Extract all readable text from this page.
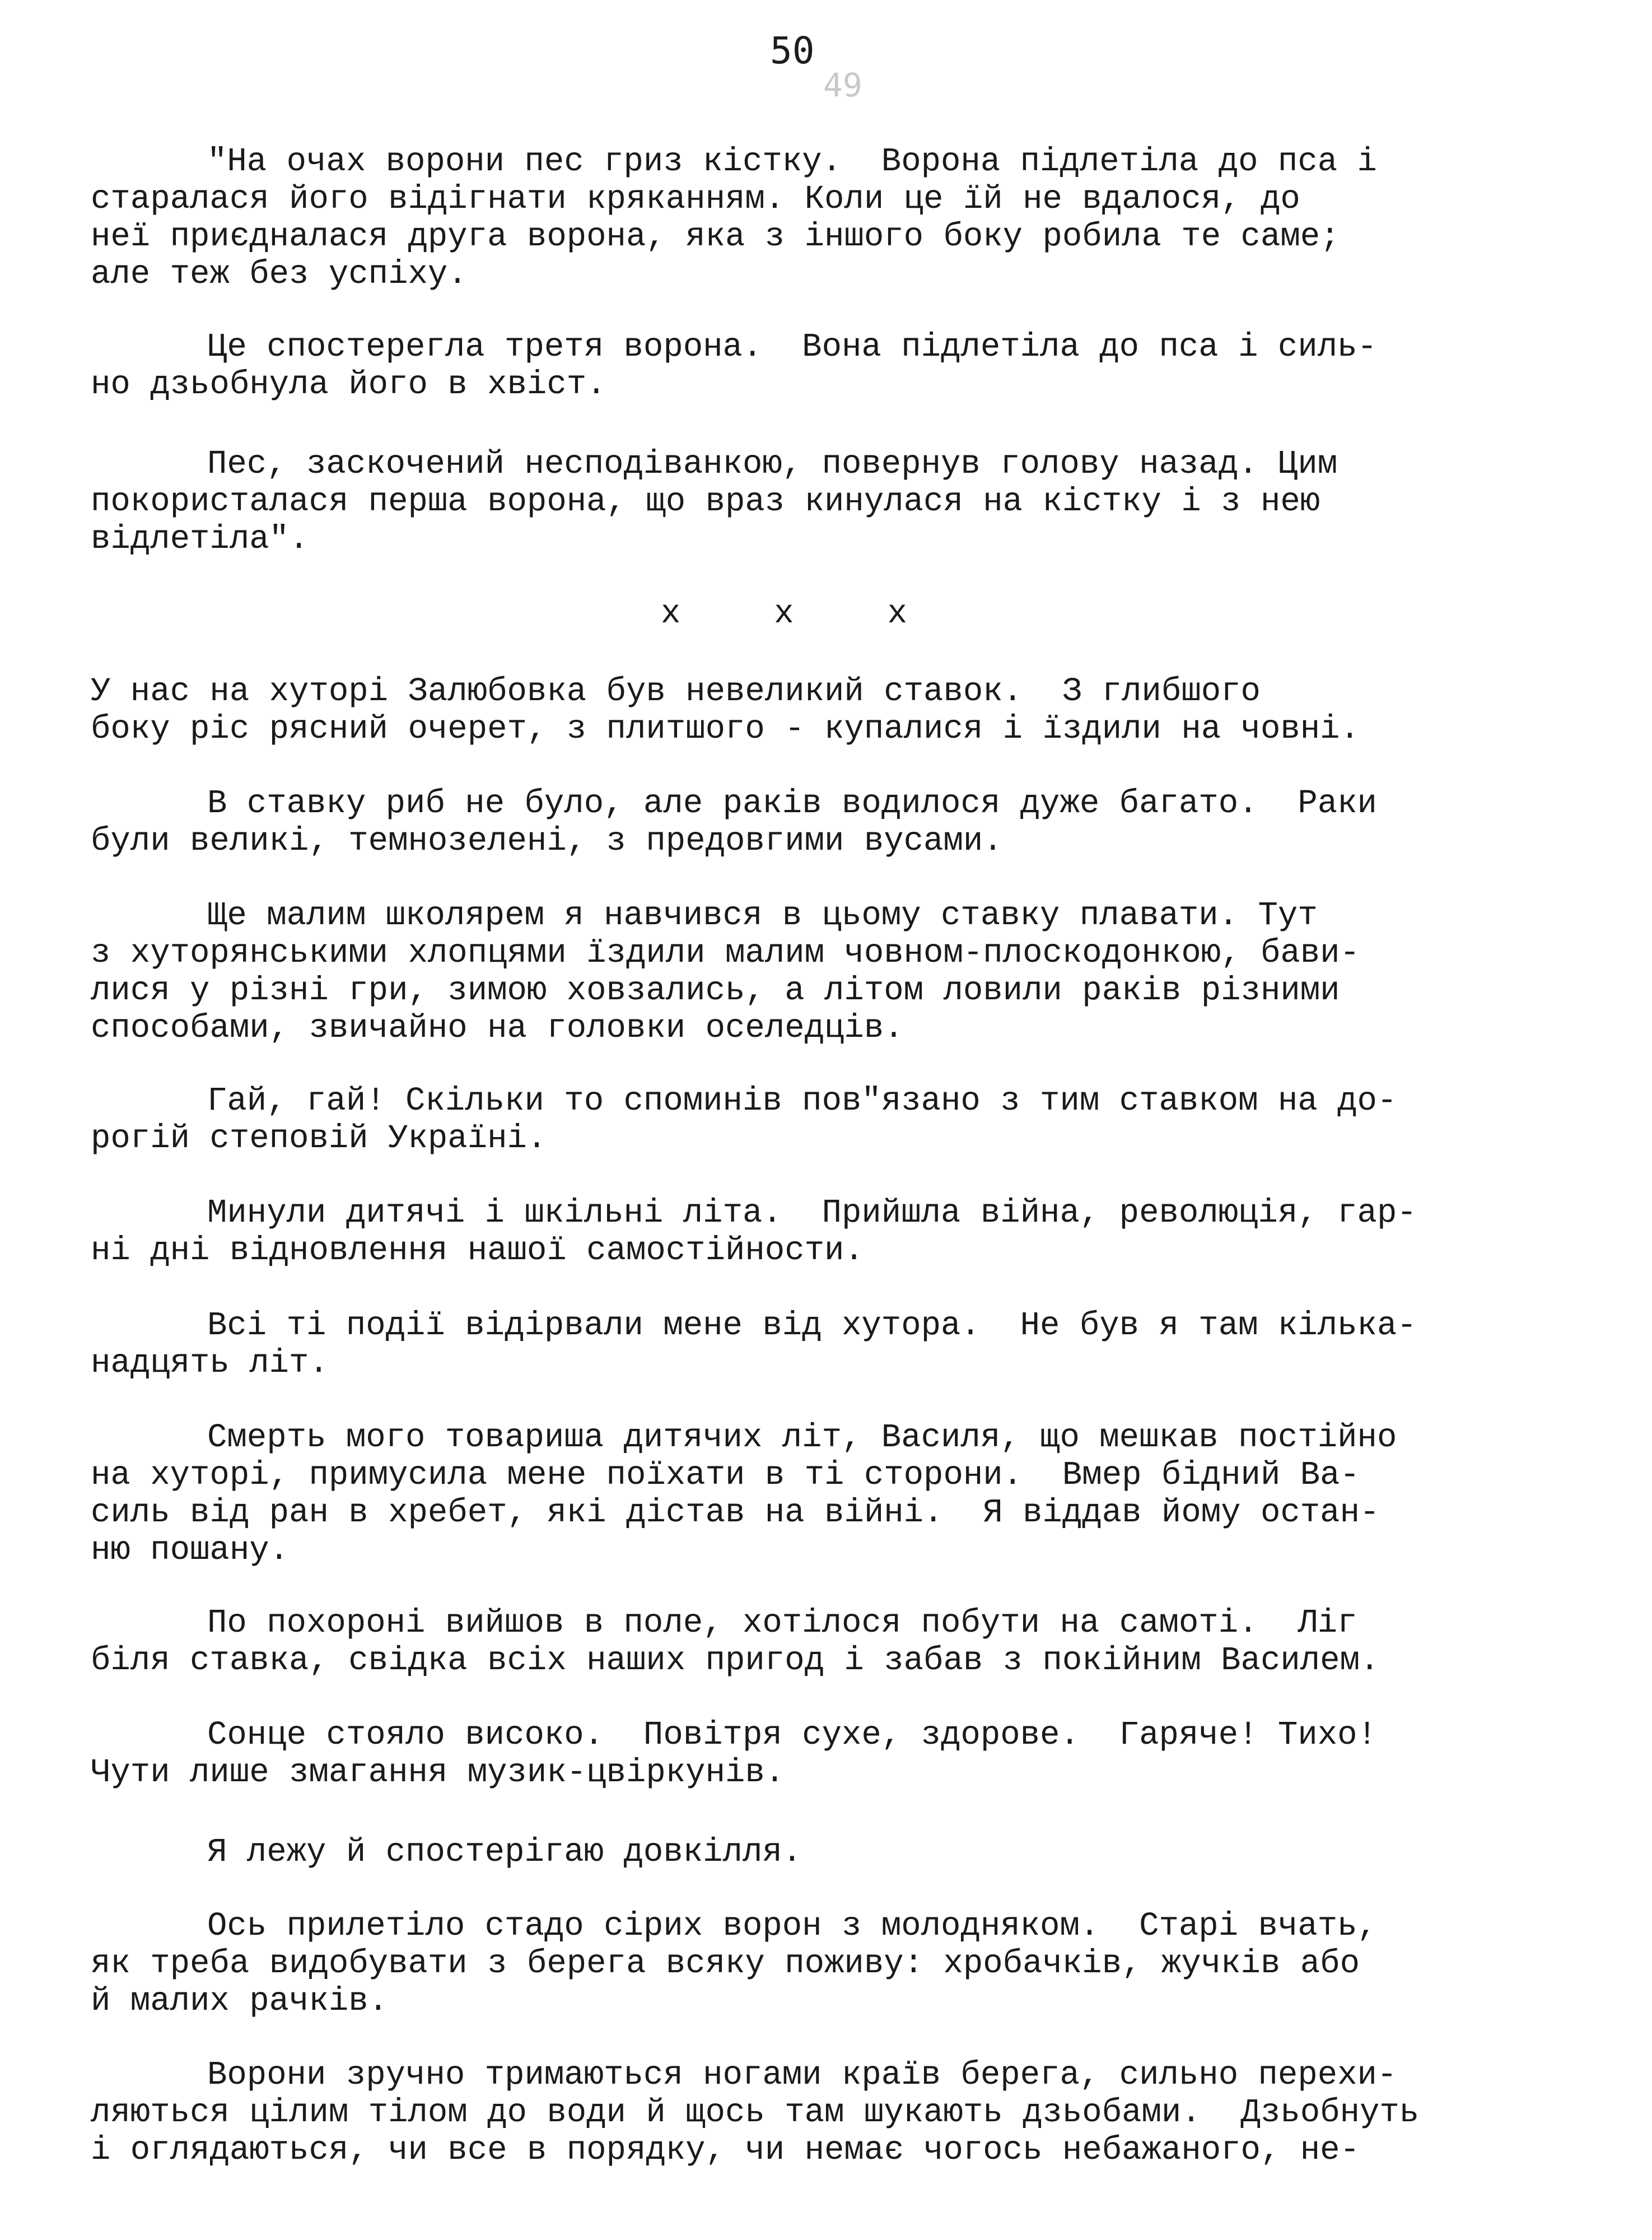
49
50
"На очах ворони пес гриз кістку.  Ворона підлетіла до пса і
старалася його відігнати кряканням. Коли це їй не вдалося, до
неї приєдналася друга ворона, яка з іншого боку робила те саме;
але теж без успіху.
Це спостерегла третя ворона.  Вона підлетіла до пса і силь-
но дзьобнула його в хвіст.
Пес, заскочений несподіванкою, повернув голову назад. Цим
покористалася перша ворона, що враз кинулася на кістку і з нею
відлетіла".
У нас на хуторі Залюбовка був невеликий ставок.  З глибшого
боку ріс рясний очерет, з плитшого - купалися і їздили на човні.
В ставку риб не було, але раків водилося дуже багато.  Раки
були великі, темнозелені, з предовгими вусами.
Ще малим школярем я навчився в цьому ставку плавати. Тут
з хуторянськими хлопцями їздили малим човном-плоскодонкою, бави-
лися у різні гри, зимою ховзались, а літом ловили раків різними
способами, звичайно на головки оселедців.
Гай, гай! Скільки то споминів пов"язано з тим ставком на до-
рогій степовій Україні.
Минули дитячі і шкільні літа.  Прийшла війна, революція, гар-
ні дні відновлення нашої самостійности.
Всі ті події відірвали мене від хутора.  Не був я там кілька-
надцять літ.
Смерть мого товариша дитячих літ, Василя, що мешкав постійно
на хуторі, примусила мене поїхати в ті сторони.  Вмер бідний Ва-
силь від ран в хребет, які дістав на війні.  Я віддав йому остан-
ню пошану.
По похороні вийшов в поле, хотілося побути на самоті.  Ліг
біля ставка, свідка всіх наших пригод і забав з покійним Василем.
Сонце стояло високо.  Повітря сухе, здорове.  Гаряче! Тихо!
Чути лише змагання музик-цвіркунів.
Я лежу й спостерігаю довкілля.
Ось прилетіло стадо сірих ворон з молодняком.  Старі вчать,
як треба видобувати з берега всяку поживу: хробачків, жучків або
й малих рачків.
Ворони зручно тримаються ногами країв берега, сильно перехи-
ляються цілим тілом до води й щось там шукають дзьобами.  Дзьобнуть
і оглядаються, чи все в порядку, чи немає чогось небажаного, не-
x	x	x
